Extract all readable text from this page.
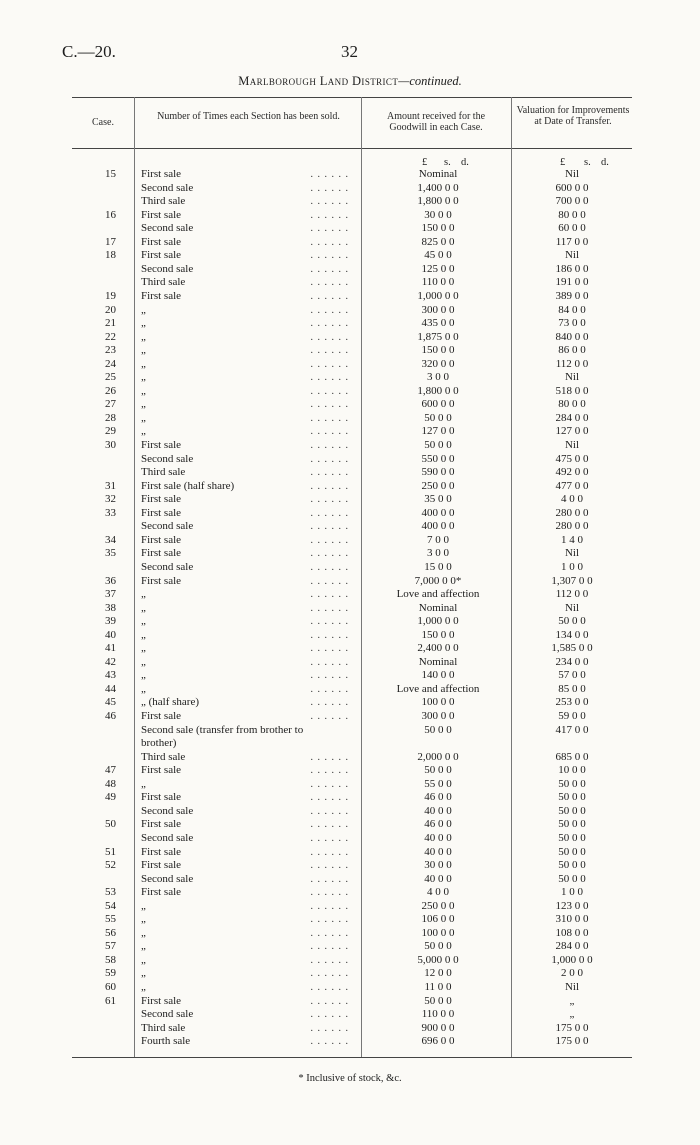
C.—20.	32
Marlborough Land District—continued.
Case.
Number of Times each Section has been sold.	Amount received for the Goodwill in each Case.
Valuation for Improvements at Date of Transfer.
£ s. d.	£ s. d.
15 First sale	. . . . . .	Nominal	Nil
Second sale	. . . . . .	1,400 0 0	600 0 0
Third sale	. . . . . .	1,800 0 0	700 0 0
16 First sale	. . . . . .	30 0 0	80 0 0
Second sale	. . . . . .	150 0 0	60 0 0
17 First sale	. . . . . .	825 0 0	117 0 0
18 First sale	. . . . . .	45 0 0	Nil
Second sale	. . . . . .	125 0 0	186 0 0
Third sale	. . . . . .	110 0 0	191 0 0
19 First sale	. . . . . .	1,000 0 0	389 0 0
20 „	. . . . . .	300 0 0	84 0 0
21 „	. . . . . .	435 0 0	73 0 0
22 „	. . . . . .	1,875 0 0	840 0 0
23 „	. . . . . .	150 0 0	86 0 0
24 „	. . . . . .	320 0 0	112 0 0
25 „	. . . . . .	3 0 0	Nil
26 „	. . . . . .	1,800 0 0	518 0 0
27 „	. . . . . .	600 0 0	80 0 0
28 „	. . . . . .	50 0 0	284 0 0
29 „	. . . . . .	127 0 0	127 0 0
30 First sale	. . . . . .	50 0 0	Nil
Second sale	. . . . . .	550 0 0	475 0 0
Third sale	. . . . . .	590 0 0	492 0 0
31 First sale (half share)	. . . . . .	250 0 0	477 0 0
32 First sale	. . . . . .	35 0 0	4 0 0
33 First sale	. . . . . .	400 0 0	280 0 0
Second sale	. . . . . .	400 0 0	280 0 0
34 First sale	. . . . . .	7 0 0	1 4 0
35 First sale	. . . . . .	3 0 0	Nil
Second sale	. . . . . .	15 0 0	1 0 0
36 First sale	. . . . . .	7,000 0 0*	1,307 0 0
37 „	. . . . . .	Love and affection	112 0 0
38 „	. . . . . .	Nominal	Nil
39 „	. . . . . .	1,000 0 0	50 0 0
40 „	. . . . . .	150 0 0	134 0 0
41 „	. . . . . .	2,400 0 0	1,585 0 0
42 „	. . . . . .	Nominal	234 0 0
43 „	. . . . . .	140 0 0	57 0 0
44 „	. . . . . .	Love and affection	85 0 0
45 „ (half share)	. . . . . .	100 0 0	253 0 0
46 First sale	. . . . . .	300 0 0	59 0 0
Second sale (transfer from brother to	50 0 0	417 0 0
brother)
Third sale	. . . . . .	2,000 0 0	685 0 0
47 First sale	. . . . . .	50 0 0	10 0 0
48 „	. . . . . .	55 0 0	50 0 0
49 First sale	. . . . . .	46 0 0	50 0 0
Second sale	. . . . . .	40 0 0	50 0 0
50 First sale	. . . . . .	46 0 0	50 0 0
Second sale	. . . . . .	40 0 0	50 0 0
51 First sale	. . . . . .	40 0 0	50 0 0
52 First sale	. . . . . .	30 0 0	50 0 0
Second sale	. . . . . .	40 0 0	50 0 0
53 First sale	. . . . . .	4 0 0	1 0 0
54 „	. . . . . .	250 0 0	123 0 0
55 „	. . . . . .	106 0 0	310 0 0
56 „	. . . . . .	100 0 0	108 0 0
57 „	. . . . . .	50 0 0	284 0 0
58 „	. . . . . .	5,000 0 0	1,000 0 0
59 „	. . . . . .	12 0 0	2 0 0
60 „	. . . . . .	11 0 0	Nil
61 First sale	. . . . . .	50 0 0	„
Second sale	. . . . . .	110 0 0	„
Third sale	. . . . . .	900 0 0	175 0 0
Fourth sale	. . . . . .	696 0 0	175 0 0
* Inclusive of stock, &c.
